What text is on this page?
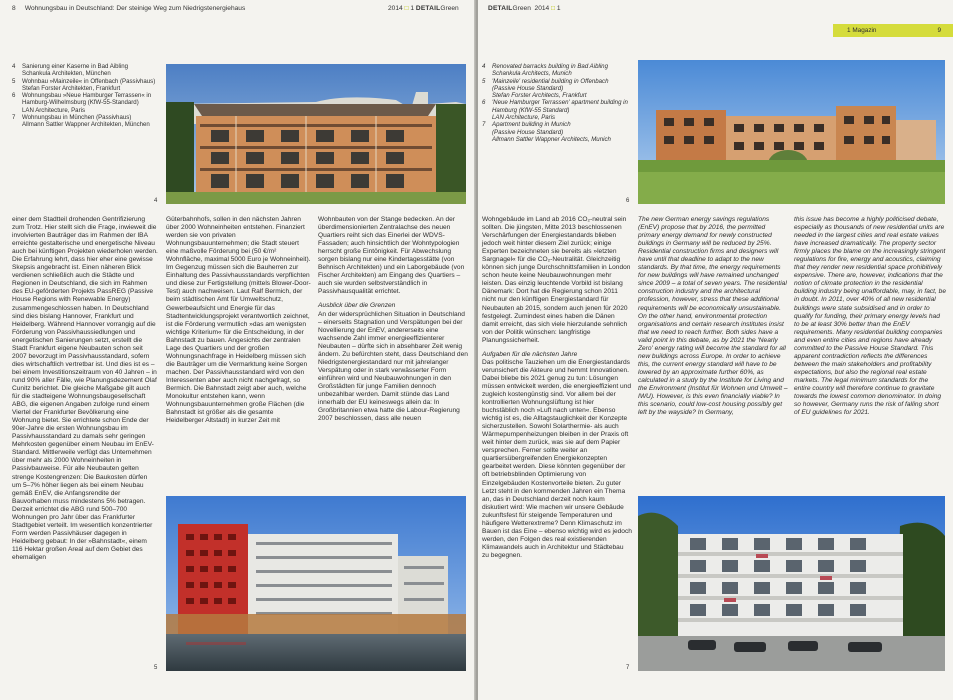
8 Wohnungsbau in Deutschland: Der steinige Weg zum Niedrigstenergiehaus	2014 □ 1 DETAILGreen
4	Sanierung einer Kaserne in Bad Aibling
Schankula Architekten, München
5	Wohnbau »Mainzeile« in Offenbach (Passivhaus)
Stefan Forster Architekten, Frankfurt
6	Wohnungsbau »Neue Hamburger Terrassen« in
Hamburg-Wilhelmsburg (KfW-55-Standard)
LAN Architecture, Paris
7	Wohnungsbau in München (Passivhaus)
Allmann Sattler Wappner Architekten, München
4

einer dem Stadtteil drohenden Gentrifizierung zum Trotz. Hier stellt sich die Frage, inwieweit die involvierten Bauträger das im Rahmen der IBA erreichte gestalterische und energetische Niveau auch bei künftigen Projekten wiederholen werden. Die Erfahrung lehrt, dass hier eher eine gewisse Skepsis angebracht ist. Einen näheren Blick verdienen schließlich auch die Städte und Regionen in Deutschland, die sich im Rahmen des EU-geförderten Projekts PassREG (Passive House Regions with Renewable Energy) zusammengeschlossen haben. In Deutschland sind dies bislang Hannover, Frankfurt und Heidelberg. Während Hannover vorrangig auf die Förderung von Passivhaussiedlungen und energetischen Sanierungen setzt, erstellt die Stadt Frankfurt eigene Neubauten schon seit 2007 bevorzugt im Passivhausstandard, sofern dies wirtschaftlich vertretbar ist. Und dies ist es – bei einem Investitionszeitraum von 40 Jahren – in rund 90% aller Fälle, wie Planungsdezernent Olaf Cunitz berichtet. Die gleiche Maßgabe gilt auch für die stadteigene Wohnungsbaugesellschaft ABG, die eigenen Angaben zufolge rund einem Viertel der Frankfurter Bevölkerung eine Wohnung bietet. Sie errichtete schon Ende der 90er-Jahre die ersten Wohnungsbau im Passivhausstandard zu damals sehr geringen Mehrkosten gegenüber einem Neubau im EnEV-Standard. Mittlerweile verfügt das Unternehmen über mehr als 2000 Wohneinheiten in Passivbauweise. Für alle Neubauten gelten strenge Kostengrenzen: Die Baukosten dürfen um 5–7% höher liegen als bei einem Neubau gemäß EnEV, die Anfangsrendite der Bauvorhaben muss mindestens 5% betragen. Derzeit errichtet die ABG rund 500–700 Wohnungen pro Jahr über das Frankfurter Stadtgebiet verteilt. Im wesentlich konzentrierter Form werden Passivhäuser dagegen in Heidelberg gebaut: In der »Bahnstadt«, einem 116 Hektar großen Areal auf dem Gebiet des ehemaligen

Güterbahnhofs, sollen in den nächsten Jahren über 2000 Wohneinheiten entstehen. Finanziert werden sie von privaten Wohnungsbauunternehmen; die Stadt steuert eine maßvolle Förderung bei (50 €/m² Wohnfläche, maximal 5000 Euro je Wohneinheit). Im Gegenzug müssen sich die Bauherren zur Einhaltung des Passivhausstandards verpflichten und diese zur Fertigstellung (mittels Blower-Door-Test) auch nachweisen. Laut Ralf Bermich, der beim städtischen Amt für Umweltschutz, Gewerbeaufsicht und Energie für das Stadtentwicklungsprojekt verantwortlich zeichnet, ist die Förderung vermutlich »das am wenigsten wichtige Kriterium« für die Entscheidung, in der Bahnstadt zu bauen. Angesichts der zentralen Lage des Quartiers und der großen Wohnungsnachfrage in Heidelberg müssen sich die Bauträger um die Vermarktung keine Sorgen machen. Der Passivhausstandard wird von den Interessenten aber auch nicht nachgefragt, so Bermich. Die Bahnstadt zeigt aber auch, welche Monokultur entstehen kann, wenn Wohnungsbauunternehmen große Flächen (die Bahnstadt ist größer als die gesamte Heidelberger Altstadt) in kurzer Zeit mit

Wohnbauten von der Stange bedecken. An der überdimensionierten Zentralachse des neuen Quartiers reiht sich das Einerlei der WDVS-Fassaden; auch hinsichtlich der Wohntypologien herrscht große Eintönigkeit. Für Abwechslung sorgen bislang nur eine Kindertagesstätte (von Behnisch Architekten) und ein Laborgebäude (von Fischer Architekten) am Eingang des Quartiers – auch sie wurden selbstverständlich in Passivhausqualität errichtet.

Ausblick über die Grenzen

An der widersprüchlichen Situation in Deutschland – einerseits Stagnation und Verspätungen bei der Novellierung der EnEV, andererseits eine wachsende Zahl immer energieeffizienterer Neubauten – dürfte sich in absehbarer Zeit wenig ändern. Zu befürchten steht, dass Deutschland den Niedrigstenergiestandard nur mit jahrelanger Verspätung oder in stark verwässerter Form einführen wird und Neubauwohnungen in den Großstädten für junge Familien dennoch unbezahlbar werden. Damit stünde das Land innerhalb der EU keineswegs allein da: In Großbritannien etwa hatte die Labour-Regierung 2007 beschlossen, dass alle neuen

5
DETAILGreen 2014 □ 1
1 Magazin	9
4	Renovated barracks building in Bad Aibling
Schankula Architects, Munich
5	'Mainzeile' residential building in Offenbach
(Passive House Standard)
Stefan Forster Architects, Frankfurt
6	'Neue Hamburger Terrassen' apartment building in
Hamburg (KfW-55 Standard)
LAN Architecture, Paris
7	Apartment building in Munich
(Passive House Standard)
Allmann Sattler Wappner Architects, Munich
6

Wohngebäude im Land ab 2016 CO₂-neutral sein sollten. Die jüngsten, Mitte 2013 beschlossenen Verschärfungen der Energiestandards blieben jedoch weit hinter diesem Ziel zurück; einige Experten bezeichneten sie bereits als »letzten Sargnagel« für die CO₂-Neutralität. Gleichzeitig können sich junge Durchschnittsfamilien in London schon heute keine Neubauwohnungen mehr leisten. Das einzig leuchtende Vorbild ist bislang Dänemark: Dort hat die Regierung schon 2011 nicht nur den künftigen Energiestandard für Neubauten ab 2015, sondern auch jenen für 2020 festgelegt. Zumindest eines haben die Dänen damit erreicht, das sich viele hierzulande sehnlich von der Politik wünschen: langfristige Planungssicherheit.

Aufgaben für die nächsten Jahre

Das politische Tauziehen um die Energiestandards verunsichert die Akteure und hemmt Innovationen. Dabei bliebe bis 2021 genug zu tun: Lösungen müssen entwickelt werden, die energieeffizient und zugleich kostengünstig sind. Vor allem bei der kontrollierten Wohnungslüftung ist hier buchstäblich noch »Luft nach unten«. Ebenso wichtig ist es, die Alltagstauglichkeit der Konzepte sicherzustellen. Sowohl Solarthermie- als auch Wärmepumpenheizungen bleiben in der Praxis oft weit hinter dem zurück, was sie auf dem Papier versprechen. Ferner sollte weiter an quartiersübergreifenden Energiekonzepten gearbeitet werden. Diese könnten gegenüber der oft betriebsblinden Optimierung von Einzelgebäuden Kostenvorteile bieten. Zu guter Letzt steht in den kommenden Jahren ein Thema an, das in Deutschland derzeit noch kaum diskutiert wird: Wie machen wir unsere Gebäude zukunftsfest für steigende Temperaturen und häufigere Wetterextreme? Denn Klimaschutz im Bauen ist das Eine – ebenso wichtig wird es jedoch werden, den Folgen des real existierenden Klimawandels auch in Architektur und Städtebau zu begegnen.

The new German energy savings regulations (EnEV) propose that by 2016, the permitted primary energy demand for newly constructed buildings in Germany will be reduced by 25%. Residential construction firms and designers will have until that deadline to adapt to the new standards. By that time, the energy requirements for new buildings will have remained unchanged since 2009 – a total of seven years. The residential construction industry and the architectural profession, however, stress that these additional requirements will be economically unsustainable. On the other hand, environmental protection organisations and certain research institutes insist that we need to reach further. Both sides have a valid point in this debate, as by 2021 the 'Nearly Zero' energy rating will become the standard for all new buildings across Europe. In order to achieve this, the current energy standard will have to be lowered by an approximate further 60%, as calculated in a study by the Institute for Living and the Environment (Institut für Wohnen und Umwelt – IWU). However, is this even financially viable? In this scenario, could low-cost housing possibly get left by the wayside? In Germany,

this issue has become a highly politicised debate, especially as thousands of new residential units are needed in the largest cities and real estate values have increased dramatically. The property sector firmly places the blame on the increasingly stringent regulations for fire, energy and acoustics, claiming that they render new residential space prohibitively expensive. There are, however, indications that the notion of climate protection in the residential building industry being unaffordable, may, in fact, be in doubt. In 2011, over 40% of all new residential buildings were state subsidised and in order to qualify for funding, their primary energy levels had to be at least 30% better than the EnEV requirements. Many residential building companies and even entire cities and regions have already committed to the Passive House Standard. This apparent contradiction reflects the differences between the main stakeholders and profitability expectations, but also the regional real estate markets. The legal minimum standards for the entire country will therefore continue to gravitate towards the lowest common denominator. In doing so however, Germany runs the risk of falling short of EU guidelines for 2021.

7
